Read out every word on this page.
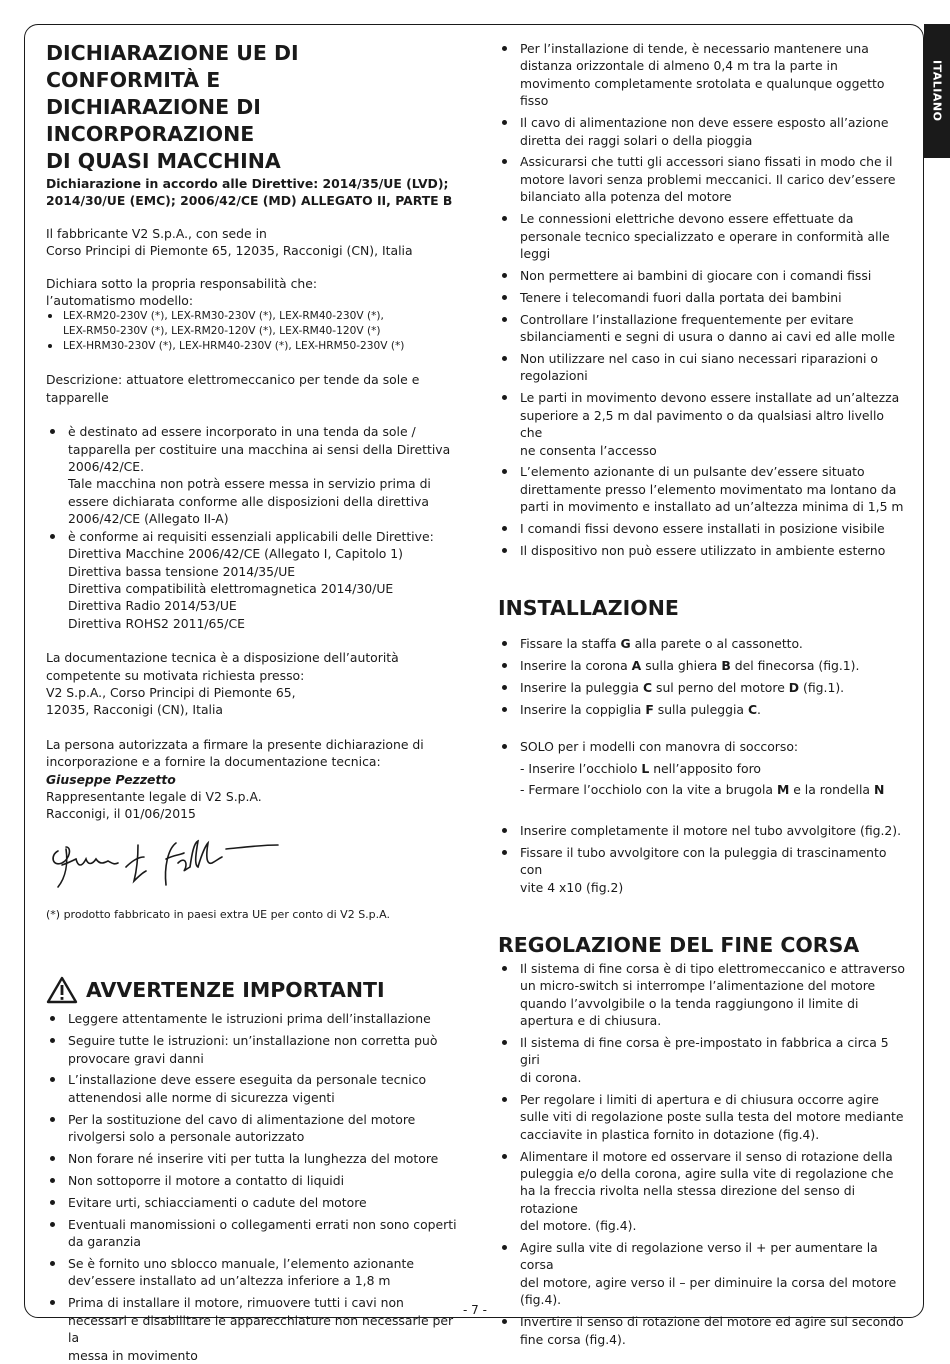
ITALIANO
DICHIARAZIONE UE DI CONFORMITÀ E
DICHIARAZIONE DI INCORPORAZIONE
DI QUASI MACCHINA
Dichiarazione in accordo alle Direttive: 2014/35/UE (LVD);
2014/30/UE (EMC); 2006/42/CE (MD) ALLEGATO II, PARTE B

Il fabbricante V2 S.p.A., con sede in
Corso Principi di Piemonte 65, 12035, Racconigi (CN), Italia

Dichiara sotto la propria responsabilità che:
l’automatismo modello:

LEX-RM20-230V (*), LEX-RM30-230V (*), LEX-RM40-230V (*),
LEX-RM50-230V (*), LEX-RM20-120V (*), LEX-RM40-120V (*)
LEX-HRM30-230V (*), LEX-HRM40-230V (*), LEX-HRM50-230V (*)

Descrizione: attuatore elettromeccanico per tende da sole e
tapparelle

è destinato ad essere incorporato in una tenda da sole /
tapparella per costituire una macchina ai sensi della Direttiva
2006/42/CE.
Tale macchina non potrà essere messa in servizio prima di
essere dichiarata conforme alle disposizioni della direttiva
2006/42/CE (Allegato II-A)
è conforme ai requisiti essenziali applicabili delle Direttive:
Direttiva Macchine 2006/42/CE (Allegato I, Capitolo 1)
Direttiva bassa tensione 2014/35/UE
Direttiva compatibilità elettromagnetica 2014/30/UE
Direttiva Radio 2014/53/UE
Direttiva ROHS2 2011/65/CE

La documentazione tecnica è a disposizione dell’autorità
competente su motivata richiesta presso:
V2 S.p.A., Corso Principi di Piemonte 65,
12035, Racconigi (CN), Italia

La persona autorizzata a firmare la presente dichiarazione di
incorporazione e a fornire la documentazione tecnica:
Giuseppe Pezzetto
Rappresentante legale di V2 S.p.A.
Racconigi, il 01/06/2015

(*) prodotto fabbricato in paesi extra UE per conto di V2 S.p.A.

AVVERTENZE IMPORTANTI
Leggere attentamente le istruzioni prima dell’installazione
Seguire tutte le istruzioni: un’installazione non corretta può
provocare gravi danni
L’installazione deve essere eseguita da personale tecnico
attenendosi alle norme di sicurezza vigenti
Per la sostituzione del cavo di alimentazione del motore
rivolgersi solo a personale autorizzato
Non forare né inserire viti per tutta la lunghezza del motore
Non sottoporre il motore a contatto di liquidi
Evitare urti, schiacciamenti o cadute del motore
Eventuali manomissioni o collegamenti errati non sono coperti
da garanzia
Se è fornito uno sblocco manuale, l’elemento azionante
dev’essere installato ad un’altezza inferiore a 1,8 m
Prima di installare il motore, rimuovere tutti i cavi non
necessari e disabilitare le apparecchiature non necessarie per la
messa in movimento
Per l’installazione di tende, è necessario mantenere una
distanza orizzontale di almeno 0,4 m tra la parte in
movimento completamente srotolata e qualunque oggetto
fisso
Il cavo di alimentazione non deve essere esposto all’azione
diretta dei raggi solari o della pioggia
Assicurarsi che tutti gli accessori siano fissati in modo che il
motore lavori senza problemi meccanici. Il carico dev’essere
bilanciato alla potenza del motore
Le connessioni elettriche devono essere effettuate da
personale tecnico specializzato e operare in conformità alle
leggi
Non permettere ai bambini di giocare con i comandi fissi
Tenere i telecomandi fuori dalla portata dei bambini
Controllare l’installazione frequentemente per evitare
sbilanciamenti e segni di usura o danno ai cavi ed alle molle
Non utilizzare nel caso in cui siano necessari riparazioni o
regolazioni
Le parti in movimento devono essere installate ad un’altezza
superiore a 2,5 m dal pavimento o da qualsiasi altro livello che
ne consenta l’accesso
L’elemento azionante di un pulsante dev’essere situato
direttamente presso l’elemento movimentato ma lontano da
parti in movimento e installato ad un’altezza minima di 1,5 m
I comandi fissi devono essere installati in posizione visibile
Il dispositivo non può essere utilizzato in ambiente esterno
INSTALLAZIONE
Fissare la staffa G alla parete o al cassonetto.
Inserire la corona A sulla ghiera B del finecorsa (fig.1).
Inserire la puleggia C sul perno del motore D (fig.1).
Inserire la coppiglia F sulla puleggia C.
SOLO per i modelli con manovra di soccorso:
- Inserire l’occhiolo L nell’apposito foro
- Fermare l’occhiolo con la vite a brugola M e la rondella N
Inserire completamente il motore nel tubo avvolgitore (fig.2).
Fissare il tubo avvolgitore con la puleggia di trascinamento con
vite 4 x10 (fig.2)
REGOLAZIONE DEL FINE CORSA
Il sistema di fine corsa è di tipo elettromeccanico e attraverso
un micro-switch si interrompe l’alimentazione del motore
quando l’avvolgibile o la tenda raggiungono il limite di
apertura e di chiusura.
Il sistema di fine corsa è pre-impostato in fabbrica a circa 5 giri
di corona.
Per regolare i limiti di apertura e di chiusura occorre agire
sulle viti di regolazione poste sulla testa del motore mediante
cacciavite in plastica fornito in dotazione (fig.4).
Alimentare il motore ed osservare il senso di rotazione della
puleggia e/o della corona, agire sulla vite di regolazione che
ha la freccia rivolta nella stessa direzione del senso di rotazione
del motore. (fig.4).
Agire sulla vite di regolazione verso il + per aumentare la corsa
del motore, agire verso il – per diminuire la corsa del motore
(fig.4).
Invertire il senso di rotazione del motore ed agire sul secondo
fine corsa (fig.4).
- 7 -
